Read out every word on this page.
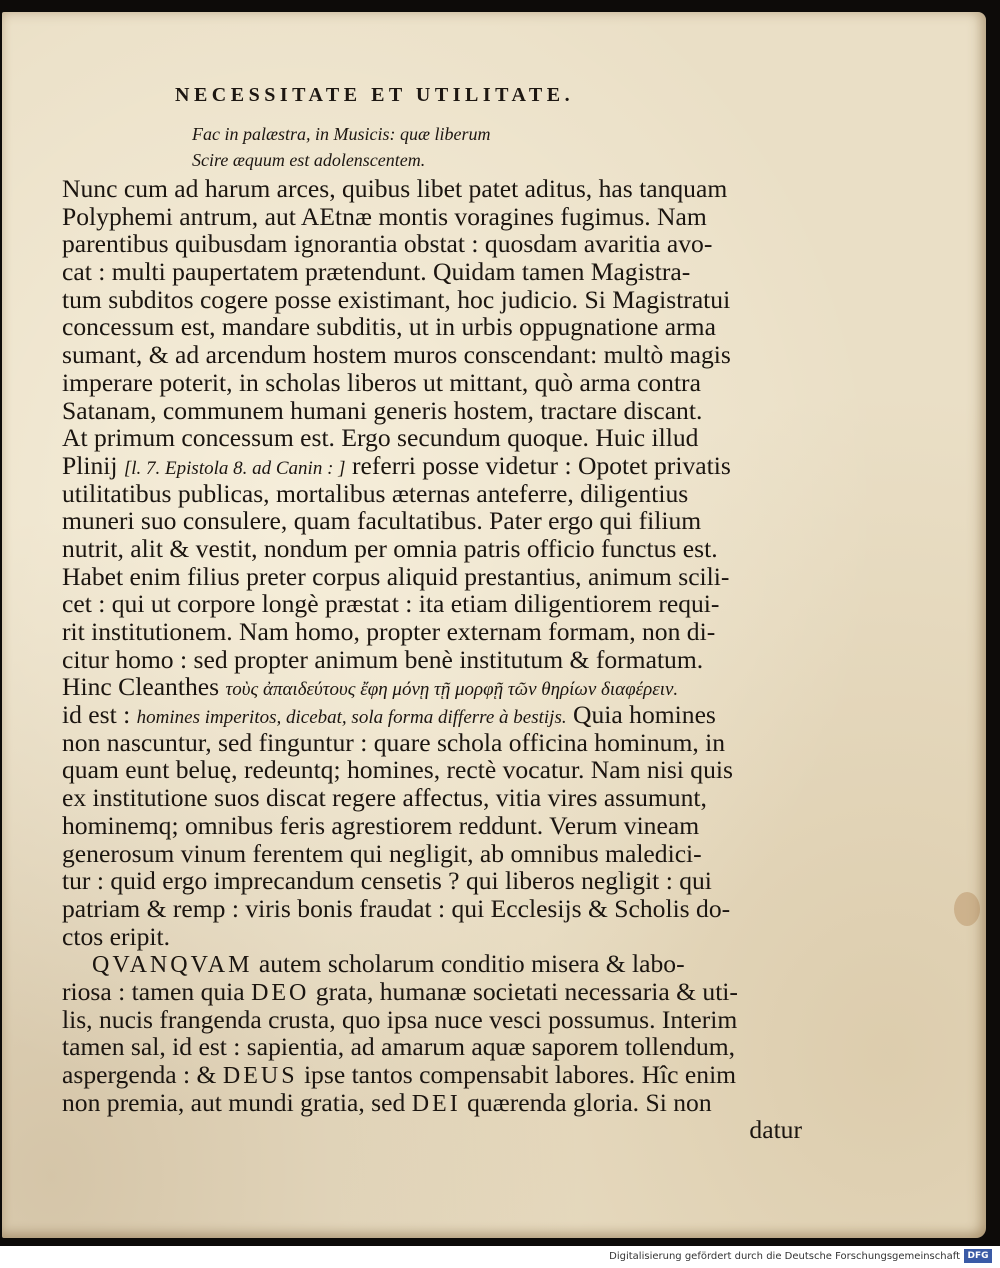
NECESSITATE ET UTILITATE.
Fac in palæstra, in Musicis: quæ liberum
Scire æquum est adolenscentem.
Nunc cum ad harum arces, quibus libet patet aditus, has tanquam
Polyphemi antrum, aut AEtnæ montis voragines fugimus. Nam
parentibus quibusdam ignorantia obstat : quosdam avaritia avo-
cat : multi paupertatem prætendunt. Quidam tamen Magistra-
tum subditos cogere posse existimant, hoc judicio. Si Magistratui
concessum est, mandare subditis, ut in urbis oppugnatione arma
sumant, & ad arcendum hostem muros conscendant: multò magis
imperare poterit, in scholas liberos ut mittant, quò arma contra
Satanam, communem humani generis hostem, tractare discant.
At primum concessum est. Ergo secundum quoque. Huic illud
Plinij [l. 7. Epistola 8. ad Canin : ] referri posse videtur : Opotet privatis
utilitatibus publicas, mortalibus æternas anteferre, diligentius
muneri suo consulere, quam facultatibus. Pater ergo qui filium
nutrit, alit & vestit, nondum per omnia patris officio functus est.
Habet enim filius preter corpus aliquid prestantius, animum scili-
cet : qui ut corpore longè præstat : ita etiam diligentiorem requi-
rit institutionem. Nam homo, propter externam formam, non di-
citur homo : sed propter animum benè institutum & formatum.
Hinc Cleanthes τοὺς ἀπαιδεύτους ἔφη μόνῃ τῇ μορφῇ τῶν θηρίων διαφέρειν.
id est : homines imperitos, dicebat, sola forma differre à bestijs. Quia homines
non nascuntur, sed finguntur : quare schola officina hominum, in
quam eunt beluę, redeuntq; homines, rectè vocatur. Nam nisi quis
ex institutione suos discat regere affectus, vitia vires assumunt,
hominemq; omnibus feris agrestiorem reddunt. Verum vineam
generosum vinum ferentem qui negligit, ab omnibus maledici-
tur : quid ergo imprecandum censetis ? qui liberos negligit : qui
patriam & remp : viris bonis fraudat : qui Ecclesijs & Scholis do-
ctos eripit.
QVANQVAM autem scholarum conditio misera & labo-
riosa : tamen quia DEO grata, humanæ societati necessaria & uti-
lis, nucis frangenda crusta, quo ipsa nuce vesci possumus. Interim
tamen sal, id est : sapientia, ad amarum aquæ saporem tollendum,
aspergenda : & DEUS ipse tantos compensabit labores. Hîc enim
non premia, aut mundi gratia, sed DEI quærenda gloria. Si non
datur
Digitalisierung gefördert durch die Deutsche Forschungsgemeinschaft DFG
